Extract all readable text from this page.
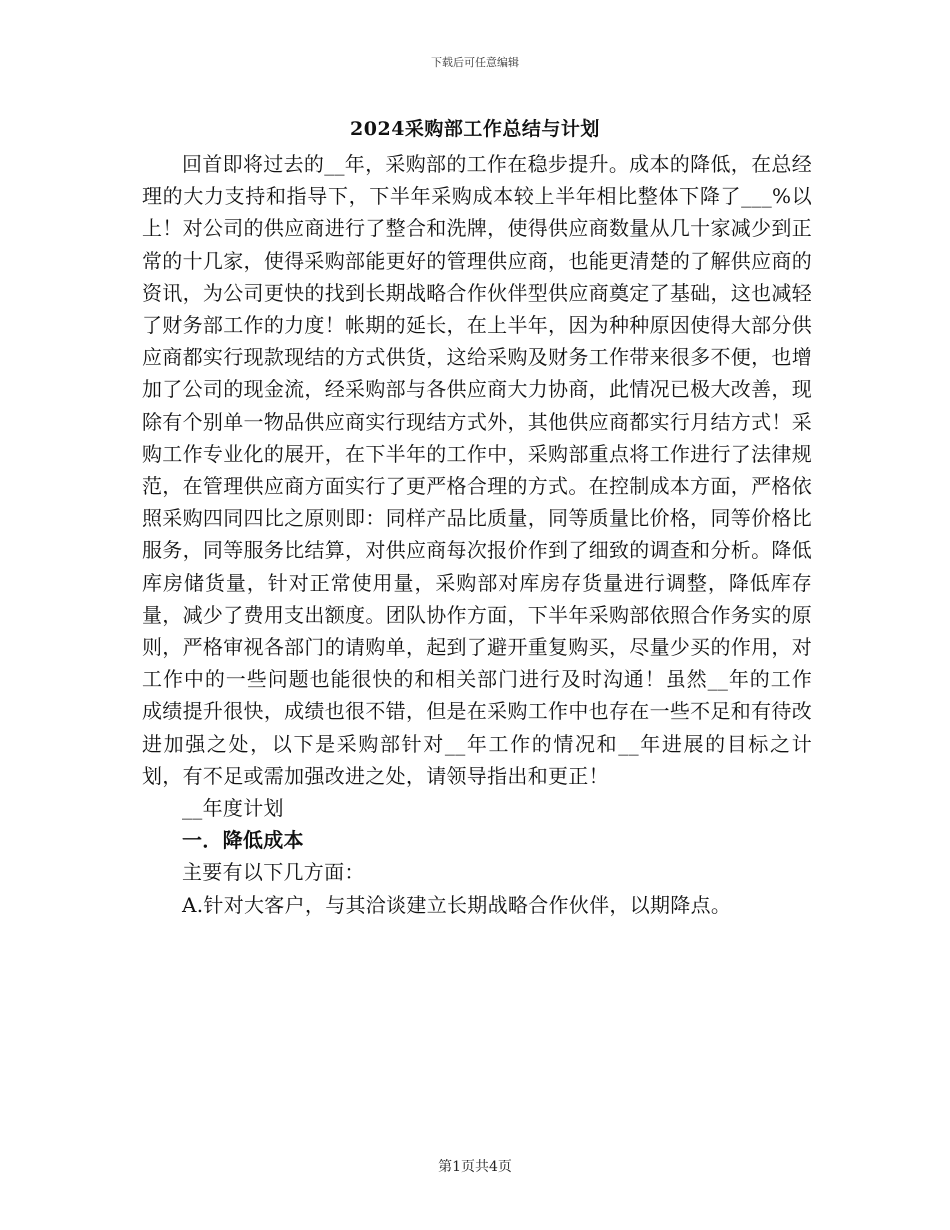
下载后可任意编辑
2024采购部工作总结与计划

回首即将过去的__年，采购部的工作在稳步提升。成本的降低，在总经理的大力支持和指导下，下半年采购成本较上半年相比整体下降了___%以上！对公司的供应商进行了整合和洗牌，使得供应商数量从几十家减少到正常的十几家，使得采购部能更好的管理供应商，也能更清楚的了解供应商的资讯，为公司更快的找到长期战略合作伙伴型供应商奠定了基础，这也减轻了财务部工作的力度！帐期的延长，在上半年，因为种种原因使得大部分供应商都实行现款现结的方式供货，这给采购及财务工作带来很多不便，也增加了公司的现金流，经采购部与各供应商大力协商，此情况已极大改善，现除有个别单一物品供应商实行现结方式外，其他供应商都实行月结方式！采购工作专业化的展开，在下半年的工作中，采购部重点将工作进行了法律规范，在管理供应商方面实行了更严格合理的方式。在控制成本方面，严格依照采购四同四比之原则即：同样产品比质量，同等质量比价格，同等价格比服务，同等服务比结算，对供应商每次报价作到了细致的调查和分析。降低库房储货量，针对正常使用量，采购部对库房存货量进行调整，降低库存量，减少了费用支出额度。团队协作方面，下半年采购部依照合作务实的原则，严格审视各部门的请购单，起到了避开重复购买，尽量少买的作用，对工作中的一些问题也能很快的和相关部门进行及时沟通！虽然__年的工作成绩提升很快，成绩也很不错，但是在采购工作中也存在一些不足和有待改进加强之处，以下是采购部针对__年工作的情况和__年进展的目标之计划，有不足或需加强改进之处，请领导指出和更正！

__年度计划

一．降低成本

主要有以下几方面：

A.针对大客户，与其洽谈建立长期战略合作伙伴，以期降点。

第1页共4页
